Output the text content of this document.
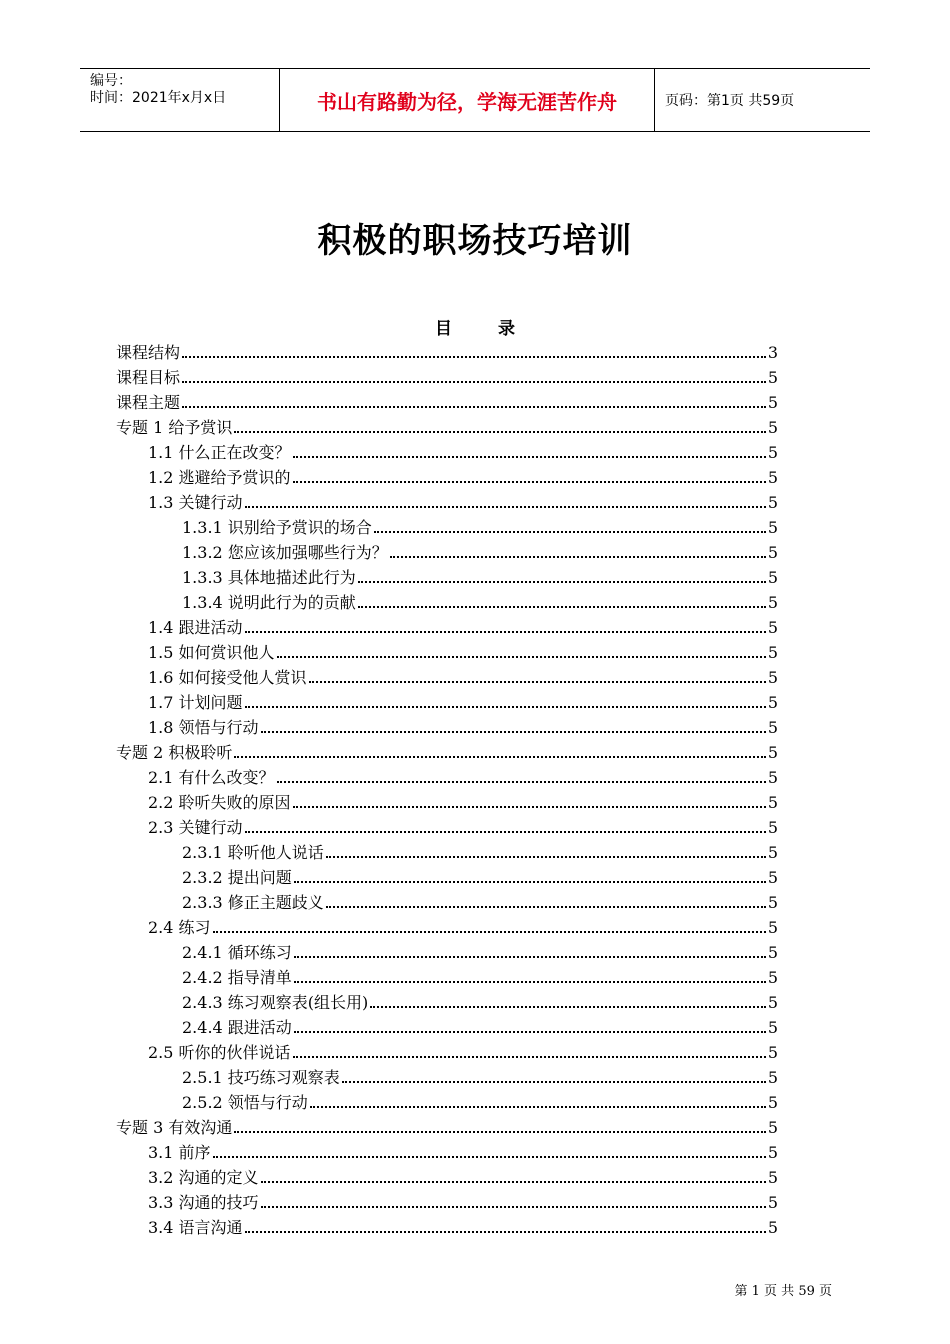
编号：
时间：2021年x月x日	书山有路勤为径，学海无涯苦作舟	页码：第1页 共59页
积极的职场技巧培训
目 录
课程结构	3
课程目标	5
课程主题	5
专题 1 给予赏识	5
1.1 什么正在改变？	5
1.2 逃避给予赏识的	5
1.3 关键行动	5
1.3.1 识别给予赏识的场合	5
1.3.2 您应该加强哪些行为？	5
1.3.3 具体地描述此行为	5
1.3.4 说明此行为的贡献	5
1.4 跟进活动	5
1.5 如何赏识他人	5
1.6 如何接受他人赏识	5
1.7 计划问题	5
1.8 领悟与行动	5
专题 2 积极聆听	5
2.1 有什么改变？	5
2.2 聆听失败的原因	5
2.3 关键行动	5
2.3.1 聆听他人说话	5
2.3.2 提出问题	5
2.3.3 修正主题歧义	5
2.4 练习	5
2.4.1 循环练习	5
2.4.2 指导清单	5
2.4.3 练习观察表(组长用)	5
2.4.4 跟进活动	5
2.5 听你的伙伴说话	5
2.5.1 技巧练习观察表	5
2.5.2 领悟与行动	5
专题 3 有效沟通	5
3.1 前序	5
3.2 沟通的定义	5
3.3 沟通的技巧	5
3.4 语言沟通	5
第 1 页 共 59 页
